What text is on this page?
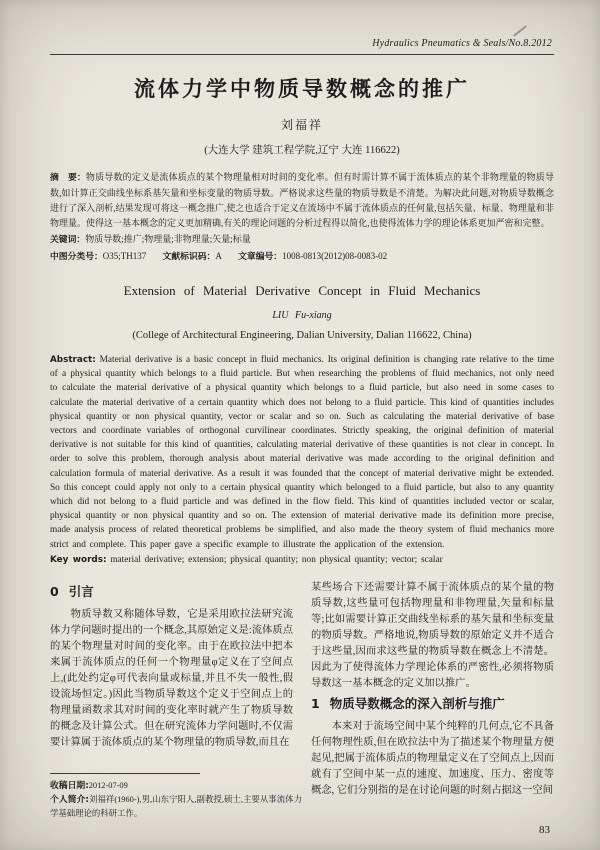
Hydraulics Pneumatics & Seals/No.8.2012
流体力学中物质导数概念的推广
刘福祥
(大连大学 建筑工程学院,辽宁 大连 116622)
摘　要：物质导数的定义是流体质点的某个物理量相对时间的变化率。但有时需计算不属于流体质点的某个非物理量的物质导数,如计算正交曲线坐标系基矢量和坐标变量的物质导数。严格说求这些量的物质导数是不清楚。为解决此问题,对物质导数概念进行了深入剖析,结果发现可将这一概念推广,使之也适合于定义在流场中不属于流体质点的任何量,包括矢量、标量、物理量和非物理量。使得这一基本概念的定义更加精确,有关的理论问题的分析过程得以简化,也使得流体力学的理论体系更加严密和完整。
关键词：物质导数;推广;物理量;非物理量;矢量;标量
中图分类号：O35;TH137 文献标识码：A 文章编号：1008-0813(2012)08-0083-02
Extension of Material Derivative Concept in Fluid Mechanics
LIU Fu-xiang
(College of Architectural Engineering, Dalian University, Dalian 116622, China)
Abstract: Material derivative is a basic concept in fluid mechanics. Its original definition is changing rate relative to the time of a physical quantity which belongs to a fluid particle. But when researching the problems of fluid mechanics, not only need to calculate the material derivative of a physical quantity which belongs to a fluid particle, but also need in some cases to calculate the material derivative of a certain quantity which does not belong to a fluid particle. This kind of quantities includes physical quantity or non physical quantity, vector or scalar and so on. Such as calculating the material derivative of base vectors and coordinate variables of orthogonal curvilinear coordinates. Strictly speaking, the original definition of material derivative is not suitable for this kind of quantities, calculating material derivative of these quantities is not clear in concept. In order to solve this problem, thorough analysis about material derivative was made according to the original definition and calculation formula of material derivative. As a result it was founded that the concept of material derivative might be extended. So this concept could apply not only to a certain physical quantity which belonged to a fluid particle, but also to any quantity which did not belong to a fluid particle and was defined in the flow field. This kind of quantities included vector or scalar, physical quantity or non physical quantity and so on. The extension of material derivative made its definition more precise, made analysis process of related theoretical problems be simplified, and also made the theory system of fluid mechanics more strict and complete. This paper gave a specific example to illustrate the application of the extension.
Key words: material derivative; extension; physical quantity; non physical quantity; vector; scalar
0 引言

物质导数又称随体导数，它是采用欧拉法研究流体力学问题时提出的一个概念,其原始定义是:流体质点的某个物理量对时间的变化率。由于在欧拉法中把本来属于流体质点的任何一个物理量φ定义在了空间点上,(此处约定φ可代表向量或标量,并且不失一般性,假设流场恒定。)因此当物质导数这个定义于空间点上的物理量函数求其对时间的变化率时就产生了物质导数的概念及计算公式。但在研究流体力学问题时,不仅需要计算属于流体质点的某个物理量的物质导数,而且在

某些场合下还需要计算不属于流体质点的某个量的物质导数,这些量可包括物理量和非物理量,矢量和标量等;比如需要计算正交曲线坐标系的基矢量和坐标变量的物质导数。严格地说,物质导数的原始定义并不适合于这些量,因而求这些量的物质导数在概念上不清楚。因此为了使得流体力学理论体系的严密性,必须将物质导数这一基本概念的定义加以推广。

1 物质导数概念的深入剖析与推广

本来对于流场空间中某个纯粹的几何点,它不具备任何物理性质,但在欧拉法中为了描述某个物理量方便起见,把属于流体质点的物理量定义在了空间点上,因而就有了空间中某一点的速度、加速度、压力、密度等概念, 它们分别指的是在讨论问题的时刻占据这一空间

收稿日期:2012-07-09
个人简介:刘福祥(1960-),男,山东宁阳人,副教授,硕士,主要从事流体力学基础理论的科研工作。
83
